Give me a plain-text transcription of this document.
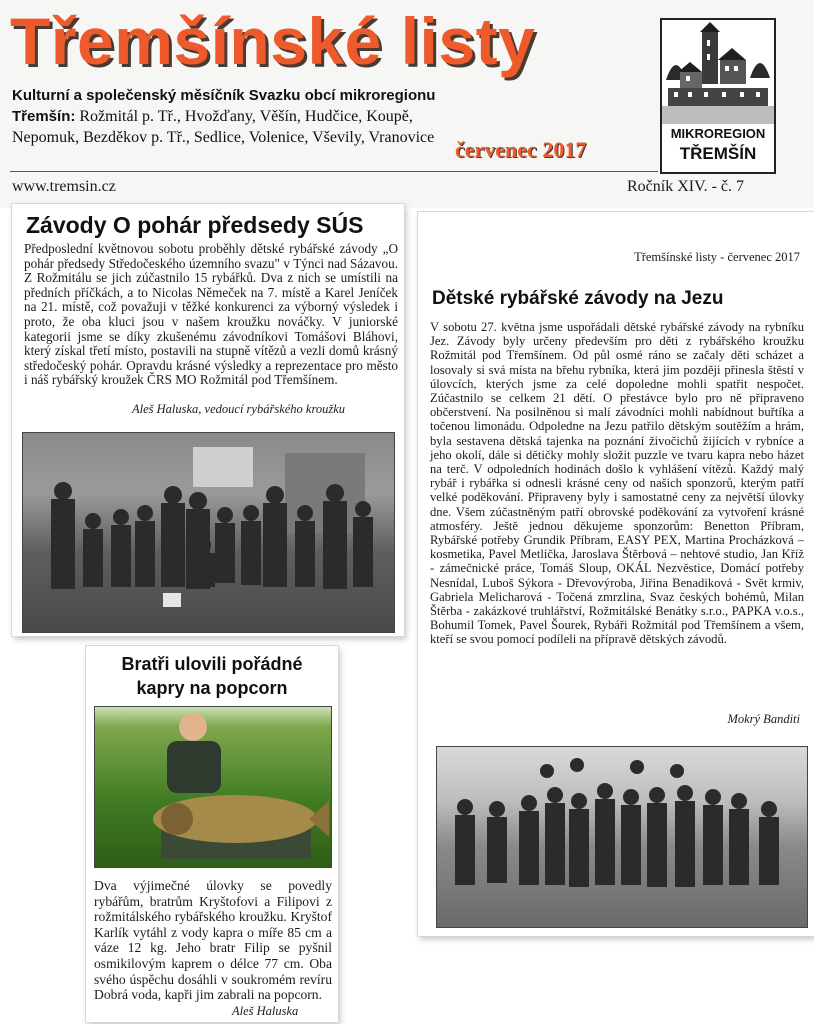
Třemšínské listy
Kulturní a společenský měsíčník Svazku obcí mikroregionu Třemšín: Rožmitál p. Tř., Hvožďany, Věšín, Hudčice, Koupě, Nepomuk, Bezděkov p. Tř., Sedlice, Volenice, Vševily, Vranovice červenec 2017
www.tremsin.cz	Ročník XIV. - č. 7
MIKROREGION
TŘEMŠÍN
Závody O pohár předsedy SÚS
Předposlední květnovou sobotu proběhly dětské rybářské závody „O pohár předsedy Středočeského územního svazu" v Týnci nad Sázavou. Z Rožmitálu se jich zúčastnilo 15 rybářků. Dva z nich se umístili na předních příčkách, a to Nicolas Němeček na 7. místě a Karel Jeníček na 21. místě, což považuji v těžké konkurenci za výborný výsledek i proto, že oba kluci jsou v našem kroužku nováčky. V juniorské kategorii jsme se díky zkušenému závodníkovi Tomášovi Bláhovi, který získal třetí místo, postavili na stupně vítězů a vezli domů krásný středočeský pohár. Opravdu krásné výsledky a reprezentace pro město i náš rybářský kroužek ČRS MO Rožmitál pod Třemšínem.
Aleš Haluska, vedoucí rybářského kroužku
Bratři ulovili pořádné
kapry na popcorn
Dva výjimečné úlovky se povedly rybářům, bratrům Kryštofovi a Filipovi z rožmitálského rybářského kroužku. Kryštof Karlík vytáhl z vody kapra o míře 85 cm a váze 12 kg. Jeho bratr Filip se pyšnil osmikilovým kaprem o délce 77 cm. Oba svého úspěchu dosáhli v soukromém revíru Dobrá voda, kapři jim zabrali na popcorn.
Aleš Haluska
Třemšínské listy - červenec 2017
Dětské rybářské závody na Jezu
V sobotu 27. května jsme uspořádali dětské rybářské závody na rybníku Jez. Závody byly určeny především pro děti z rybářského kroužku Rožmitál pod Třemšínem. Od půl osmé ráno se začaly děti scházet a losovaly si svá místa na břehu rybníka, která jim později přinesla štěstí v úlovcích, kterých jsme za celé dopoledne mohli spatřit nespočet. Zúčastnilo se celkem 21 dětí. O přestávce bylo pro ně připraveno občerstvení. Na posilněnou si malí závodníci mohli nabídnout buřtíka a točenou limonádu. Odpoledne na Jezu patřilo dětským soutěžím a hrám, byla sestavena dětská tajenka na poznání živočichů žijících v rybníce a jeho okolí, dále si dětičky mohly složit puzzle ve tvaru kapra nebo házet na terč. V odpoledních hodinách došlo k vyhlášení vítězů. Každý malý rybář i rybářka si odnesli krásné ceny od našich sponzorů, kterým patří velké poděkování. Připraveny byly i samostatné ceny za největší úlovky dne. Všem zúčastněným patří obrovské poděkování za vytvoření krásné atmosféry. Ještě jednou děkujeme sponzorům: Benetton Příbram, Rybářské potřeby Grundik Příbram, EASY PEX, Martina Procházková – kosmetika, Pavel Metlička, Jaroslava Štěrbová – nehtové studio, Jan Kříž - zámečnické práce, Tomáš Sloup, OKÁL Nezvěstice, Domácí potřeby Nesnídal, Luboš Sýkora - Dřevovýroba, Jiřina Benadiková - Svět krmiv, Gabriela Melicharová - Točená zmrzlina, Svaz českých bohémů, Milan Štěrba - zakázkové truhlářství, Rožmitálské Benátky s.r.o., PAPKA v.o.s., Bohumil Tomek, Pavel Šourek, Rybáři Rožmitál pod Třemšínem a všem, kteří se svou pomocí podíleli na přípravě dětských závodů.
Mokrý Banditi
